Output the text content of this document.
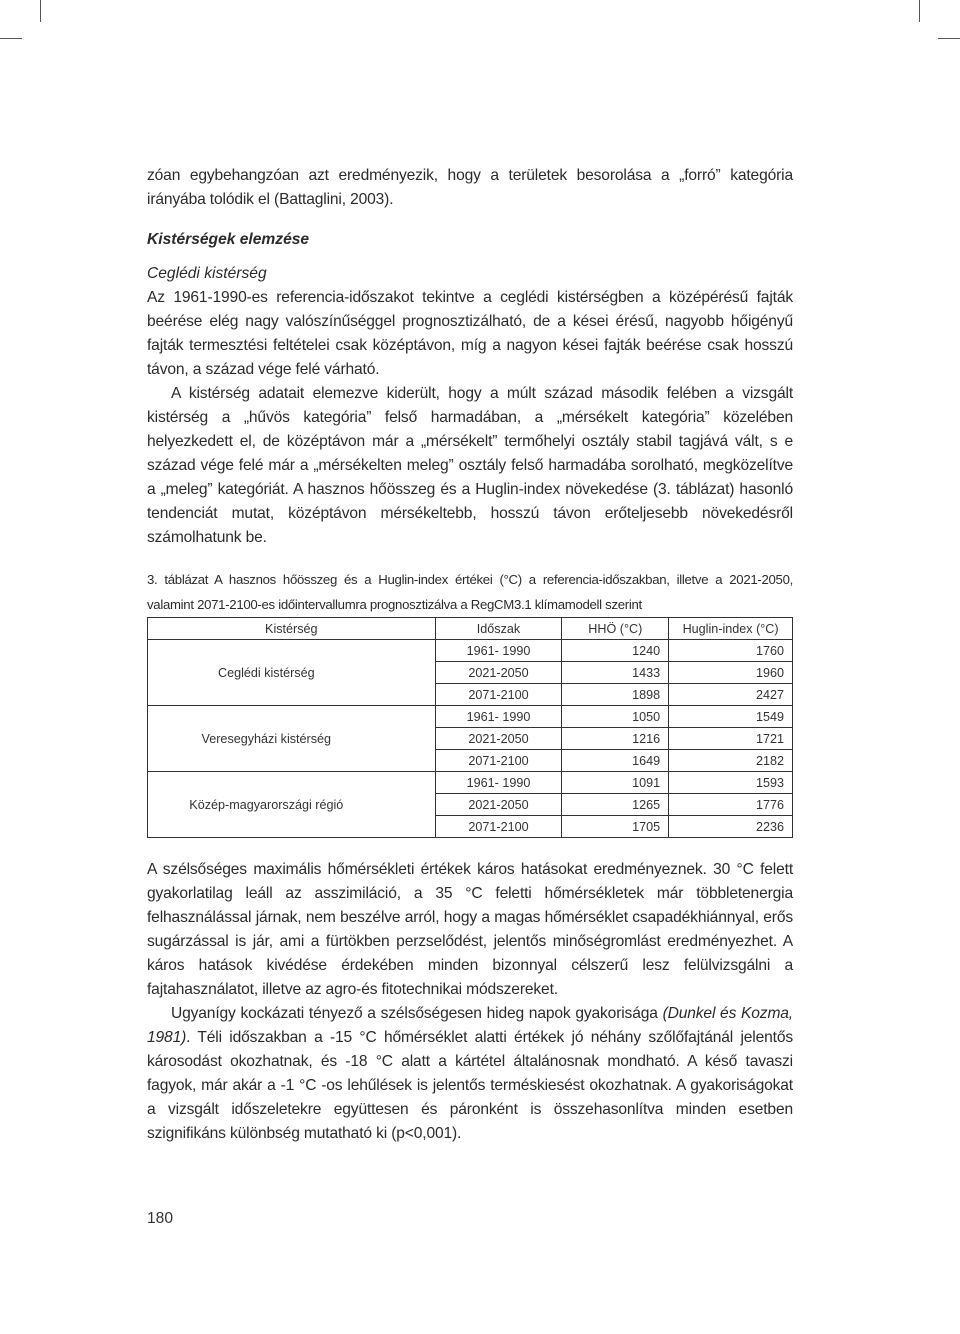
zóan egybehangzóan azt eredményezik, hogy a területek besorolása a „forró” kategória irányába tolódik el (Battaglini, 2003).

Kistérségek elemzése
Ceglédi kistérség

Az 1961-1990-es referencia-időszakot tekintve a ceglédi kistérségben a középérésű fajták beérése elég nagy valószínűséggel prognosztizálható, de a kései érésű, nagyobb hőigényű fajták termesztési feltételei csak középtávon, míg a nagyon kései fajták beérése csak hosszú távon, a század vége felé várható.

A kistérség adatait elemezve kiderült, hogy a múlt század második felében a vizsgált kistérség a „hűvös kategória” felső harmadában, a „mérsékelt kategória” közelében helyezkedett el, de középtávon már a „mérsékelt” termőhelyi osztály stabil tagjává vált, s e század vége felé már a „mérsékelten meleg” osztály felső harmadába sorolható, megközelítve a „meleg” kategóriát. A hasznos hőösszeg és a Huglin-index növekedése (3. táblázat) hasonló tendenciát mutat, középtávon mérsékeltebb, hosszú távon erőteljesebb növekedésről számolhatunk be.

3. táblázat A hasznos hőösszeg és a Huglin-index értékei (°C) a referencia-időszakban, illetve a 2021-2050, valamint 2071-2100-es időintervallumra prognosztizálva a RegCM3.1 klímamodell szerint
Kistérség	Időszak	HHÖ (°C)	Huglin-index (°C)
Ceglédi kistérség	1961- 1990	1240	1760
	2021-2050	1433	1960
	2071-2100	1898	2427
Veresegyházi kistérség	1961- 1990	1050	1549
	2021-2050	1216	1721
	2071-2100	1649	2182
Közép-magyarországi régió	1961- 1990	1091	1593
	2021-2050	1265	1776
	2071-2100	1705	2236

A szélsőséges maximális hőmérsékleti értékek káros hatásokat eredményeznek. 30 °C felett gyakorlatilag leáll az asszimiláció, a 35 °C feletti hőmérsékletek már többletenergia felhasználással járnak, nem beszélve arról, hogy a magas hőmérséklet csapadékhiánnyal, erős sugárzással is jár, ami a fürtökben perzselődést, jelentős minőségromlást eredményezhet. A káros hatások kivédése érdekében minden bizonnyal célszerű lesz felülvizsgálni a fajtahasználatot, illetve az agro-és fitotechnikai módszereket.

Ugyanígy kockázati tényező a szélsőségesen hideg napok gyakorisága (Dunkel és Kozma, 1981). Téli időszakban a -15 °C hőmérséklet alatti értékek jó néhány szőlőfajtánál jelentős károsodást okozhatnak, és -18 °C alatt a kártétel általánosnak mondható. A késő tavaszi fagyok, már akár a -1 °C -os lehűlések is jelentős terméskiesést okozhatnak. A gyakoriságokat a vizsgált időszeletekre együttesen és páronként is összehasonlítva minden esetben szignifikáns különbség mutatható ki (p<0,001).

180
